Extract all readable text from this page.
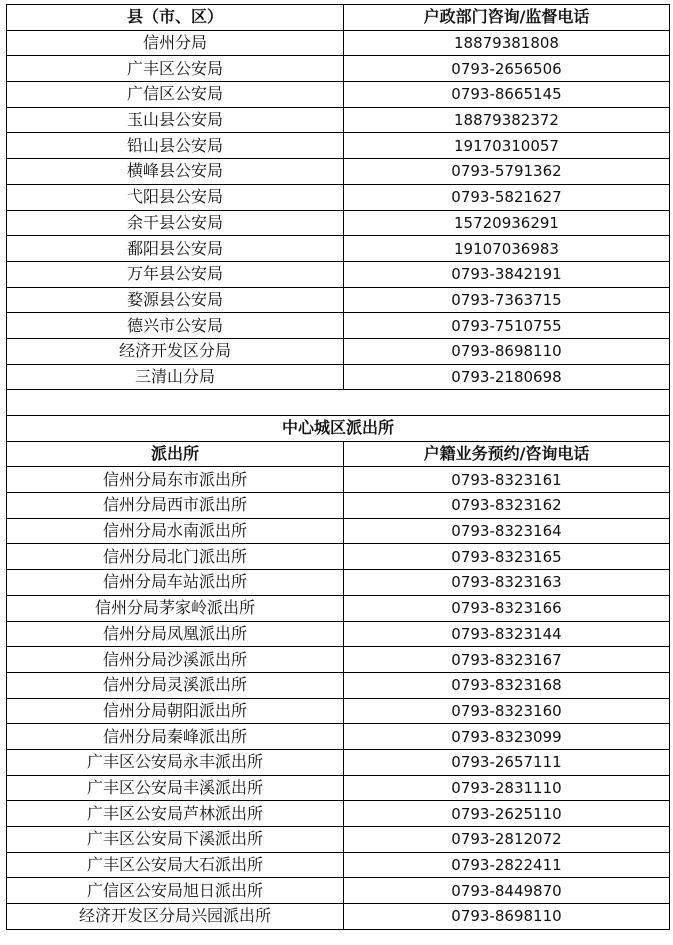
县（市、区）	户政部门咨询/监督电话
信州分局	18879381808
广丰区公安局	0793-2656506
广信区公安局	0793-8665145
玉山县公安局	18879382372
铅山县公安局	19170310057
横峰县公安局	0793-5791362
弋阳县公安局	0793-5821627
余干县公安局	15720936291
鄱阳县公安局	19107036983
万年县公安局	0793-3842191
婺源县公安局	0793-7363715
德兴市公安局	0793-7510755
经济开发区分局	0793-8698110
三清山分局	0793-2180698

中心城区派出所	
派出所	户籍业务预约/咨询电话
信州分局东市派出所	0793-8323161
信州分局西市派出所	0793-8323162
信州分局水南派出所	0793-8323164
信州分局北门派出所	0793-8323165
信州分局车站派出所	0793-8323163
信州分局茅家岭派出所	0793-8323166
信州分局凤凰派出所	0793-8323144
信州分局沙溪派出所	0793-8323167
信州分局灵溪派出所	0793-8323168
信州分局朝阳派出所	0793-8323160
信州分局秦峰派出所	0793-8323099
广丰区公安局永丰派出所	0793-2657111
广丰区公安局丰溪派出所	0793-2831110
广丰区公安局芦林派出所	0793-2625110
广丰区公安局下溪派出所	0793-2812072
广丰区公安局大石派出所	0793-2822411
广信区公安局旭日派出所	0793-8449870
经济开发区分局兴园派出所	0793-8698110
